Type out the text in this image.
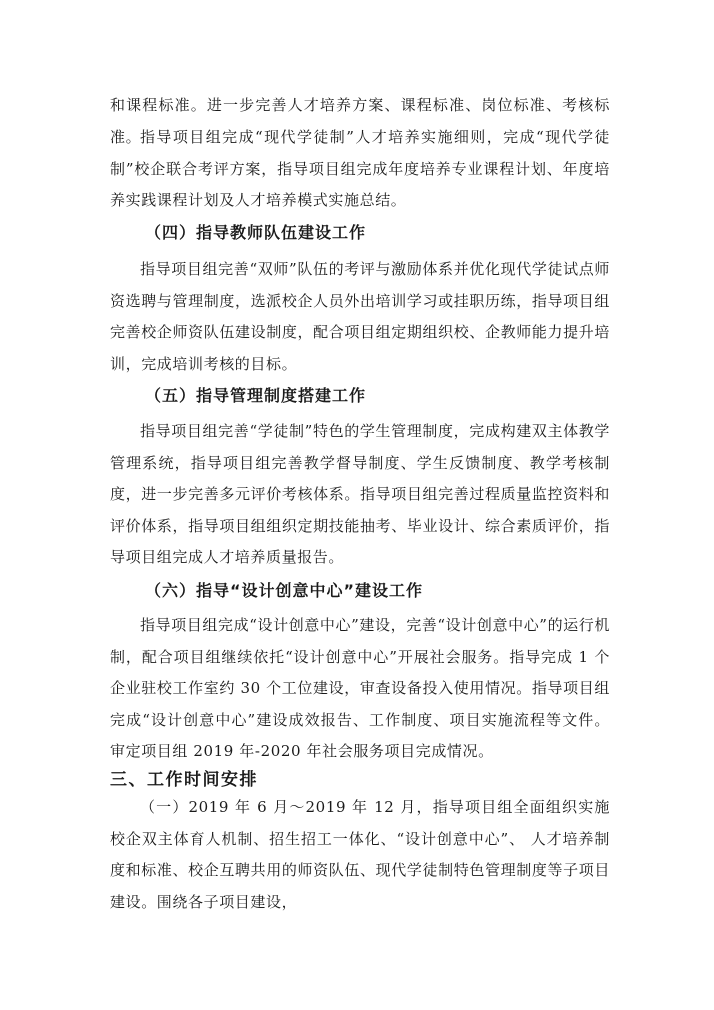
和课程标准。进一步完善人才培养方案、课程标准、岗位标准、考核标准。

指导项目组完成“现代学徒制”人才培养实施细则，完成“现代学徒制”校企联合考评方案，指导项目组完成年度培养专业课程计划、年度培养实践课程计划及人才培养模式实施总结。

（四）指导教师队伍建设工作

指导项目组完善“双师”队伍的考评与激励体系并优化现代学徒试点师资选聘与管理制度，选派校企人员外出培训学习或挂职历练，指导项目组完善校企师资队伍建设制度，配合项目组定期组织校、企教师能力提升培训，完成培训考核的目标。

（五）指导管理制度搭建工作

指导项目组完善“学徒制”特色的学生管理制度，完成构建双主体教学管理系统，指导项目组完善教学督导制度、学生反馈制度、教学考核制度，进一步完善多元评价考核体系。指导项目组完善过程质量监控资料和评价体系，指导项目组组织定期技能抽考、毕业设计、综合素质评价，指导项目组完成人才培养质量报告。

（六）指导“设计创意中心”建设工作

指导项目组完成“设计创意中心”建设，完善“设计创意中心”的运行机制，配合项目组继续依托“设计创意中心”开展社会服务。指导完成 1 个企业驻校工作室约 30 个工位建设，审查设备投入使用情况。指导项目组完成“设计创意中心”建设成效报告、工作制度、项目实施流程等文件。审定项目组 2019 年-2020 年社会服务项目完成情况。

三、工作时间安排

（一）2019 年 6 月～2019 年 12 月，指导项目组全面组织实施校企双主体育人机制、招生招工一体化、“设计创意中心”、 人才培养制度和标准、校企互聘共用的师资队伍、现代学徒制特色管理制度等子项目建设。围绕各子项目建设，
